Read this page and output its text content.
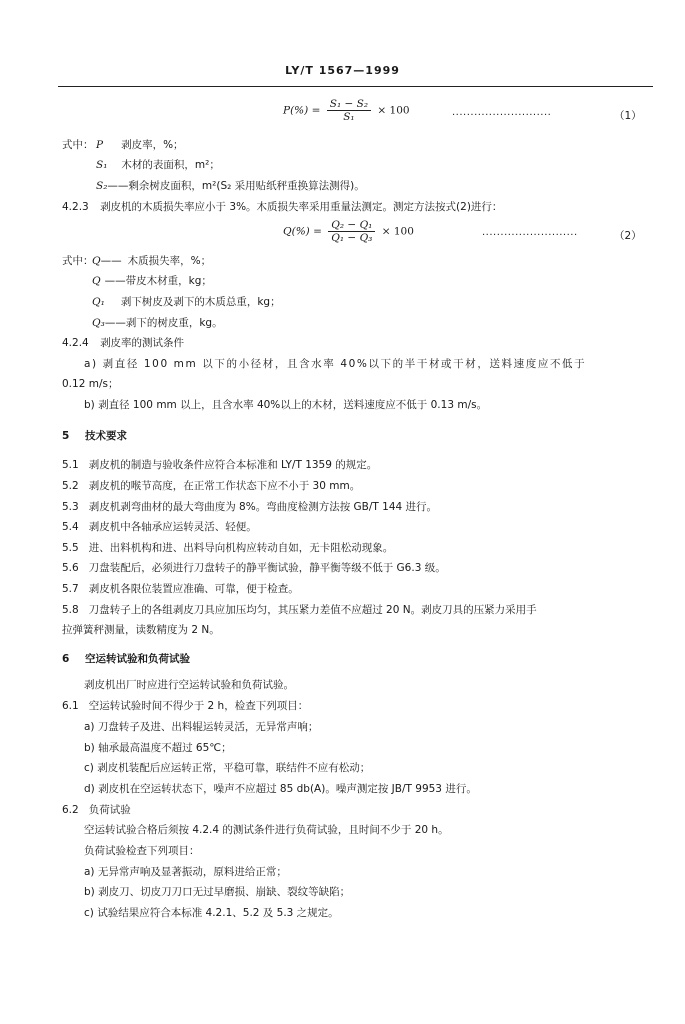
LY/T 1567—1999
$P(\%) = \frac{\text{S₁ − S₂}}{\text{S₁}} \times 100$	···························	（1）
式中： P 剥皮率，%；
S₁ 木材的表面积，m²；
S₂——剩余树皮面积，m²(S₂ 采用贴纸秤重换算法测得)。
4.2.3 剥皮机的木质损失率应小于 3%。木质损失率采用重量法测定。测定方法按式(2)进行：
$Q(\%) = \frac{\text{Q₂ − Q₁}}{\text{Q₁ − Q₃}} \times 100$	··························	（2）
式中：
Q—— 木质损失率，%；
Q ——带皮木材重，kg；
Q₁ 剥下树皮及剥下的木质总重，kg；
Q₃——剥下的树皮重，kg。
4.2.4 剥皮率的测试条件
a) 剥直径 100 mm 以下的小径材，且含水率 40%以下的半干材或干材，送料速度应不低于
0.12 m/s；
b) 剥直径 100 mm 以上，且含水率 40%以上的木材，送料速度应不低于 0.13 m/s。
5 技术要求
5.1 剥皮机的制造与验收条件应符合本标准和 LY/T 1359 的规定。
5.2 剥皮机的喉节高度，在正常工作状态下应不小于 30 mm。
5.3 剥皮机剥弯曲材的最大弯曲度为 8%。弯曲度检测方法按 GB/T 144 进行。
5.4 剥皮机中各轴承应运转灵活、轻便。
5.5 进、出料机构和进、出料导向机构应转动自如，无卡阻松动现象。
5.6 刀盘装配后，必须进行刀盘转子的静平衡试验，静平衡等级不低于 G6.3 级。
5.7 剥皮机各限位装置应准确、可靠，便于检查。
5.8 刀盘转子上的各组剥皮刀具应加压均匀，其压紧力差值不应超过 20 N。剥皮刀具的压紧力采用手
拉弹簧秤测量，读数精度为 2 N。
6 空运转试验和负荷试验
剥皮机出厂时应进行空运转试验和负荷试验。
6.1 空运转试验时间不得少于 2 h，检查下列项目：
a) 刀盘转子及进、出料辊运转灵活，无异常声响；
b) 轴承最高温度不超过 65℃；
c) 剥皮机装配后应运转正常，平稳可靠，联结件不应有松动；
d) 剥皮机在空运转状态下，噪声不应超过 85 db(A)。噪声测定按 JB/T 9953 进行。
6.2 负荷试验
空运转试验合格后须按 4.2.4 的测试条件进行负荷试验，且时间不少于 20 h。
负荷试验检查下列项目：
a) 无异常声响及显著振动，原料进给正常；
b) 剥皮刀、切皮刀刀口无过早磨损、崩缺、裂纹等缺陷；
c) 试验结果应符合本标准 4.2.1、5.2 及 5.3 之规定。
